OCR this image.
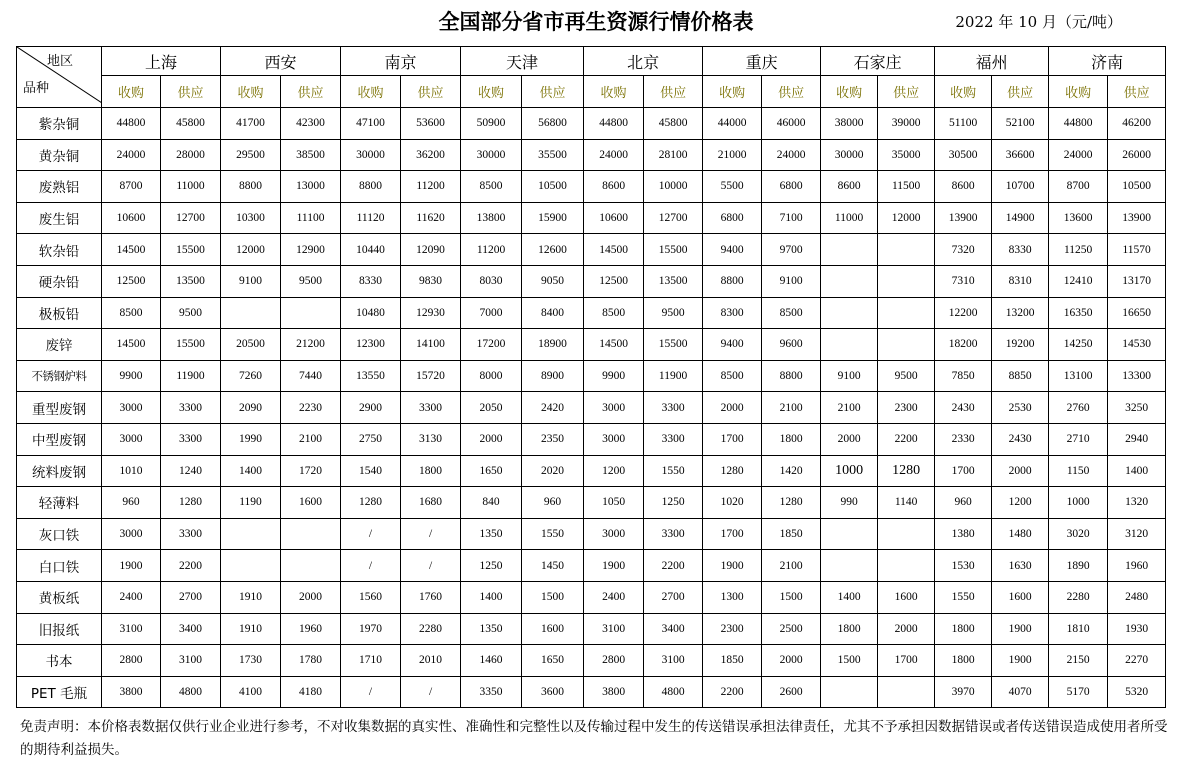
全国部分省市再生资源行情价格表	2022 年 10 月（元/吨）
地区
品种	上海		西安		南京		天津		北京		重庆		石家庄		福州		济南	
	收购	供应	收购	供应	收购	供应	收购	供应	收购	供应	收购	供应	收购	供应	收购	供应	收购	供应
紫杂铜	44800	45800	41700	42300	47100	53600	50900	56800	44800	45800	44000	46000	38000	39000	51100	52100	44800	46200
黄杂铜	24000	28000	29500	38500	30000	36200	30000	35500	24000	28100	21000	24000	30000	35000	30500	36600	24000	26000
废熟铝	8700	11000	8800	13000	8800	11200	8500	10500	8600	10000	5500	6800	8600	11500	8600	10700	8700	10500
废生铝	10600	12700	10300	11100	11120	11620	13800	15900	10600	12700	6800	7100	11000	12000	13900	14900	13600	13900
软杂铅	14500	15500	12000	12900	10440	12090	11200	12600	14500	15500	9400	9700			7320	8330	11250	11570
硬杂铅	12500	13500	9100	9500	8330	9830	8030	9050	12500	13500	8800	9100			7310	8310	12410	13170
极板铅	8500	9500			10480	12930	7000	8400	8500	9500	8300	8500			12200	13200	16350	16650
废锌	14500	15500	20500	21200	12300	14100	17200	18900	14500	15500	9400	9600			18200	19200	14250	14530
不锈钢炉料	9900	11900	7260	7440	13550	15720	8000	8900	9900	11900	8500	8800	9100	9500	7850	8850	13100	13300
重型废钢	3000	3300	2090	2230	2900	3300	2050	2420	3000	3300	2000	2100	2100	2300	2430	2530	2760	3250
中型废钢	3000	3300	1990	2100	2750	3130	2000	2350	3000	3300	1700	1800	2000	2200	2330	2430	2710	2940
统料废钢	1010	1240	1400	1720	1540	1800	1650	2020	1200	1550	1280	1420	1000	1280	1700	2000	1150	1400
轻薄料	960	1280	1190	1600	1280	1680	840	960	1050	1250	1020	1280	990	1140	960	1200	1000	1320
灰口铁	3000	3300			/	/	1350	1550	3000	3300	1700	1850			1380	1480	3020	3120
白口铁	1900	2200			/	/	1250	1450	1900	2200	1900	2100			1530	1630	1890	1960
黄板纸	2400	2700	1910	2000	1560	1760	1400	1500	2400	2700	1300	1500	1400	1600	1550	1600	2280	2480
旧报纸	3100	3400	1910	1960	1970	2280	1350	1600	3100	3400	2300	2500	1800	2000	1800	1900	1810	1930
书本	2800	3100	1730	1780	1710	2010	1460	1650	2800	3100	1850	2000	1500	1700	1800	1900	2150	2270
PET 毛瓶	3800	4800	4100	4180	/	/	3350	3600	3800	4800	2200	2600			3970	4070	5170	5320
免责声明：本价格表数据仅供行业企业进行参考，不对收集数据的真实性、准确性和完整性以及传输过程中发生的传送错误承担法律责任，尤其不予承担因数据错误或者传送错误造成使用者所受的期待利益损失。
